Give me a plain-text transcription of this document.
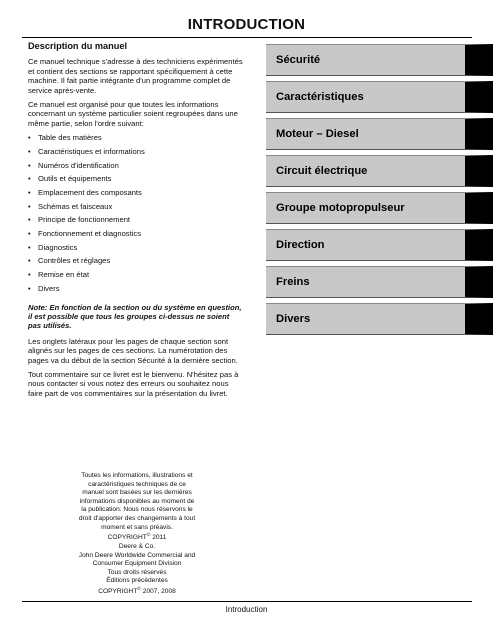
INTRODUCTION
Description du manuel

Ce manuel technique s'adresse à des techniciens expérimentés et contient des sections se rapportant spécifiquement à cette machine. Il fait partie intégrante d'un programme complet de service après-vente.

Ce manuel est organisé pour que toutes les informations concernant un système particulier soient regroupées dans une même partie, selon l'ordre suivant:

• Table des matières
• Caractéristiques et informations
• Numéros d'identification
• Outils et équipements
• Emplacement des composants
• Schémas et faisceaux
• Principe de fonctionnement
• Fonctionnement et diagnostics
• Diagnostics
• Contrôles et réglages
• Remise en état
• Divers

Note: En fonction de la section ou du système en question, il est possible que tous les groupes ci-dessus ne soient pas utilisés.

Les onglets latéraux pour les pages de chaque section sont alignés sur les pages de ces sections. La numérotation des pages va du début de la section Sécurité à la dernière section.

Tout commentaire sur ce livret est le bienvenu. N'hésitez pas à nous contacter si vous notez des erreurs ou souhaitez nous faire part de vos commentaires sur la présentation du livret.

Toutes les informations, illustrations et
caractéristiques techniques de ce
manuel sont basées sur les dernières
informations disponibles au moment de
la publication. Nous nous réservons le
droit d'apporter des changements à tout
moment et sans préavis.
COPYRIGHT© 2011
Deere & Co.
John Deere Worldwide Commercial and
Consumer Equipment Division
Tous droits réservés
Éditions précédentes
COPYRIGHT© 2007, 2008
Sécurité
Caractéristiques
Moteur – Diesel
Circuit électrique
Groupe motopropulseur
Direction
Freins
Divers
Introduction
